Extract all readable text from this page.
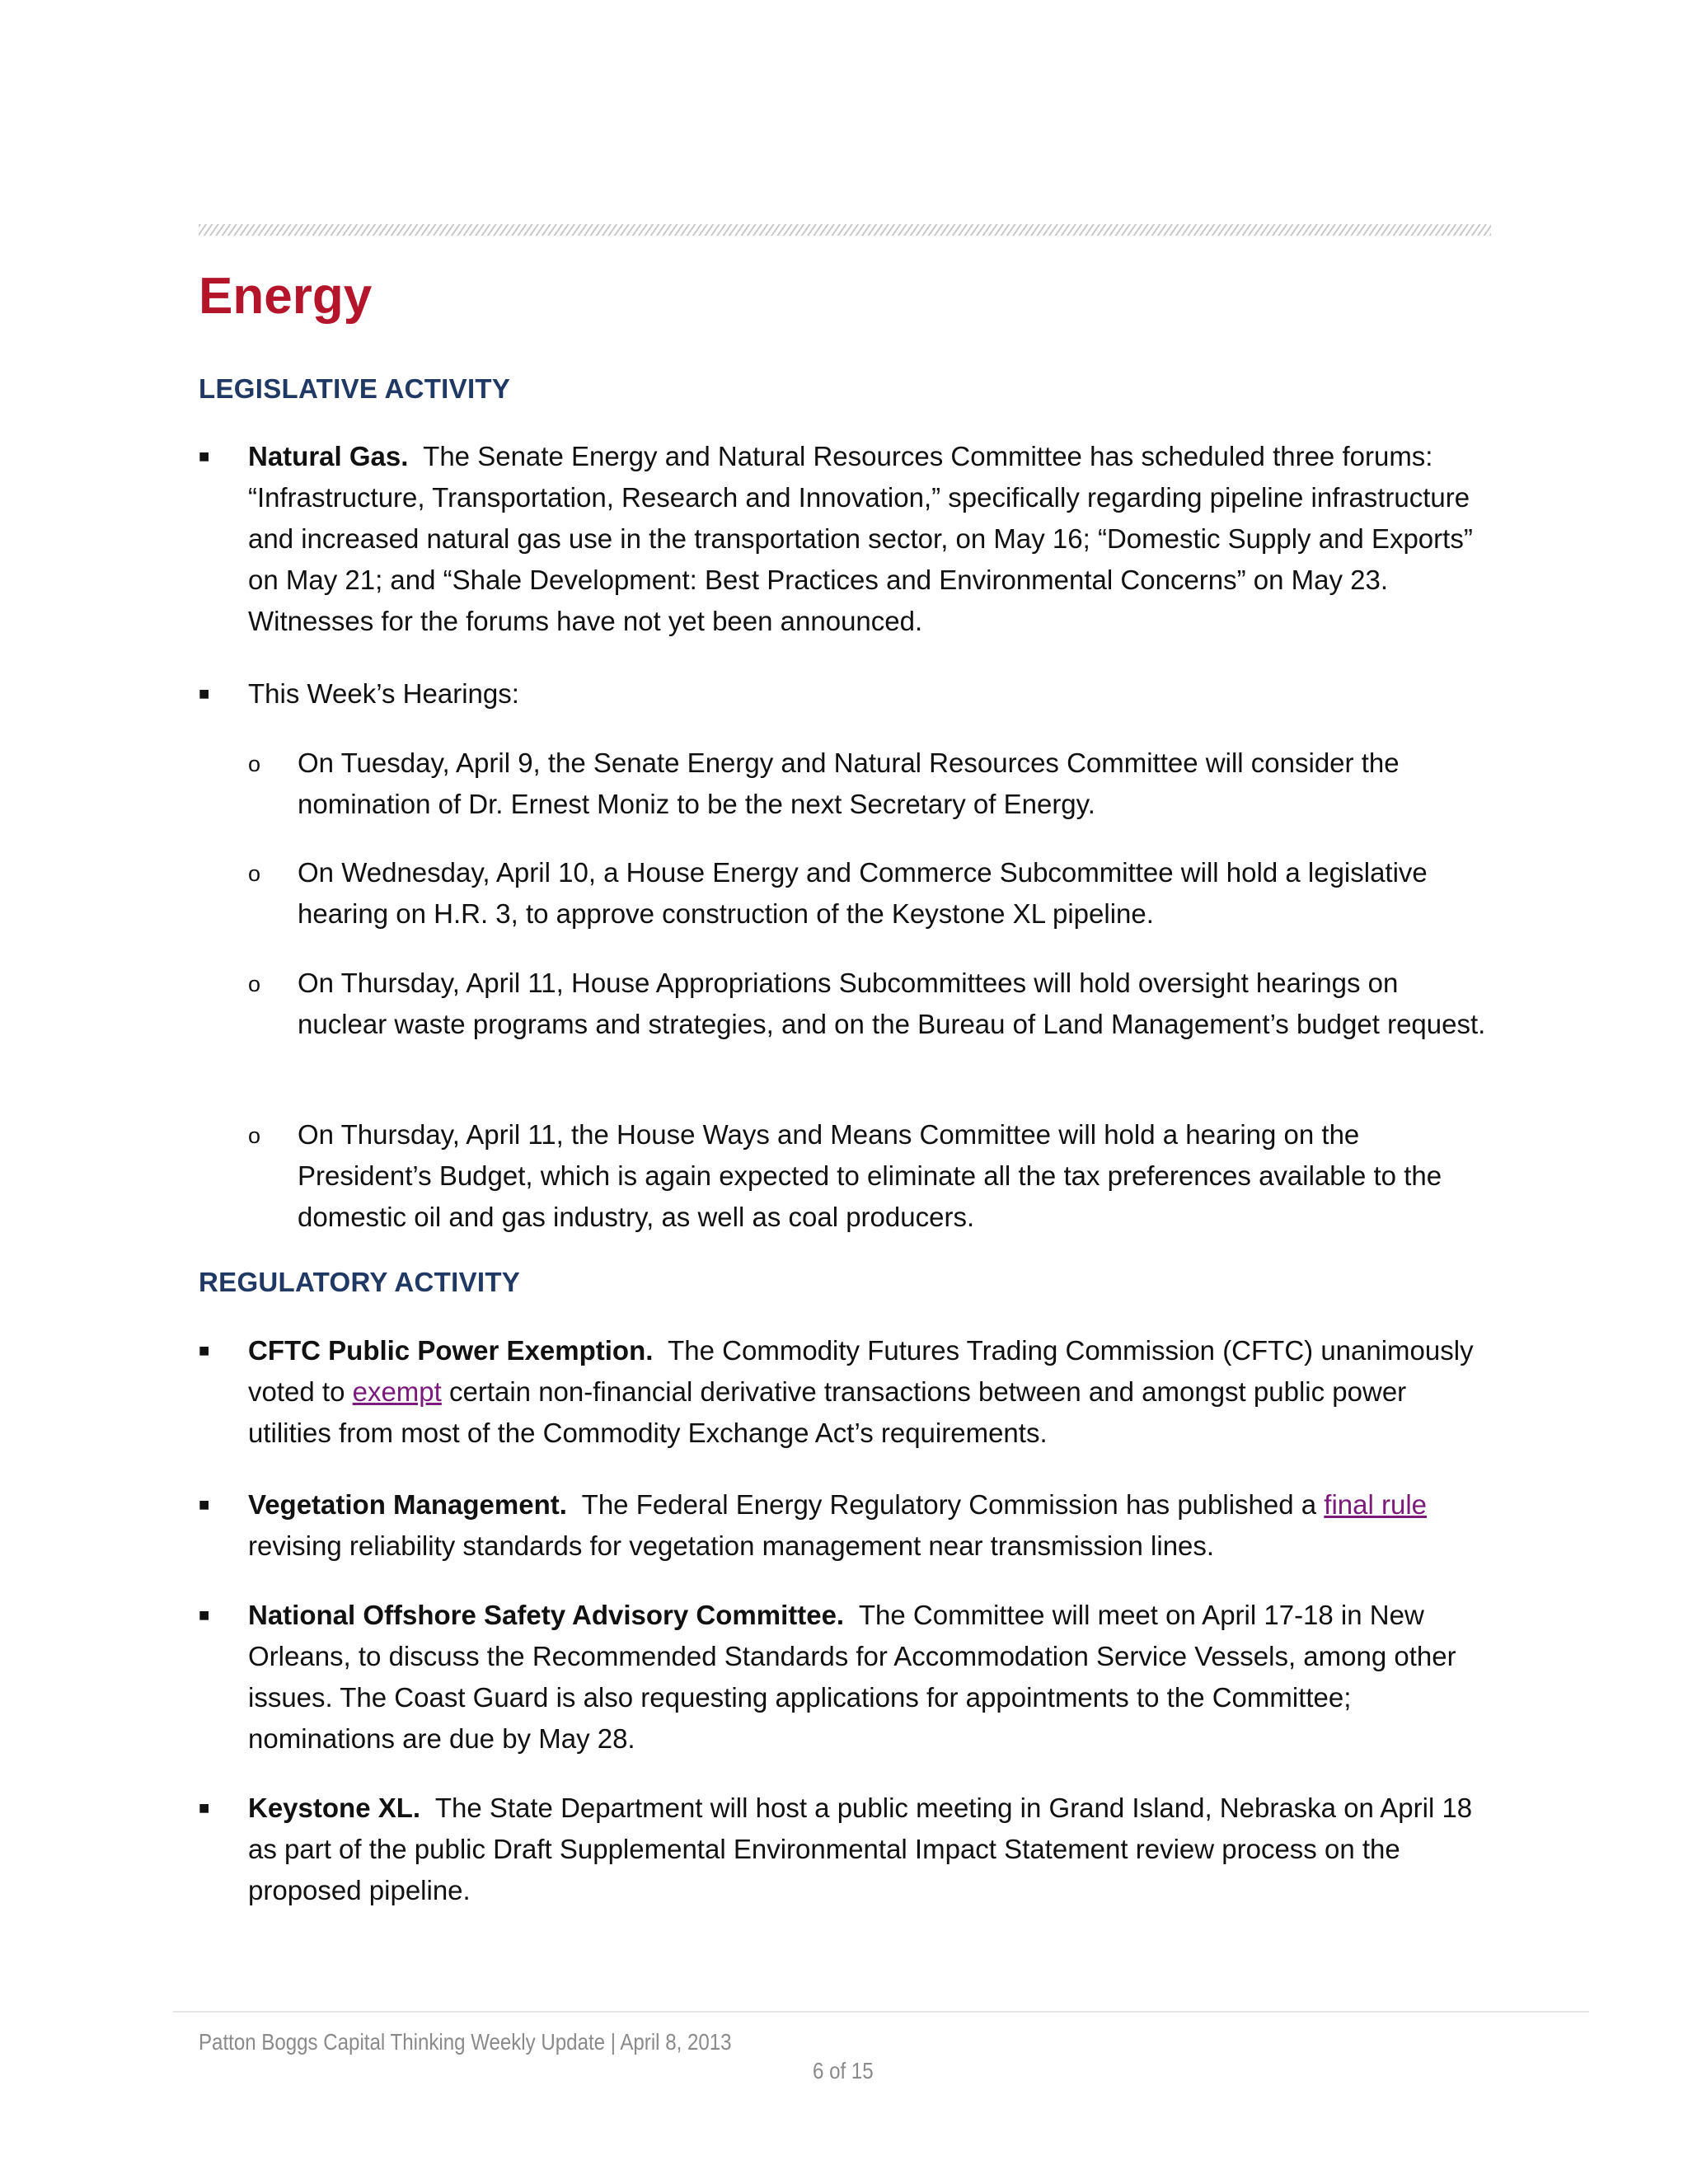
Energy
LEGISLATIVE ACTIVITY
■	Natural Gas. The Senate Energy and Natural Resources Committee has scheduled three forums: “Infrastructure, Transportation, Research and Innovation,” specifically regarding pipeline infrastructure and increased natural gas use in the transportation sector, on May 16; “Domestic Supply and Exports” on May 21; and “Shale Development: Best Practices and Environmental Concerns” on May 23. Witnesses for the forums have not yet been announced.
■	This Week’s Hearings:
o	On Tuesday, April 9, the Senate Energy and Natural Resources Committee will consider the nomination of Dr. Ernest Moniz to be the next Secretary of Energy.
o	On Wednesday, April 10, a House Energy and Commerce Subcommittee will hold a legislative hearing on H.R. 3, to approve construction of the Keystone XL pipeline.
o	On Thursday, April 11, House Appropriations Subcommittees will hold oversight hearings on nuclear waste programs and strategies, and on the Bureau of Land Management’s budget request.
o	On Thursday, April 11, the House Ways and Means Committee will hold a hearing on the President’s Budget, which is again expected to eliminate all the tax preferences available to the domestic oil and gas industry, as well as coal producers.
REGULATORY ACTIVITY
■	CFTC Public Power Exemption. The Commodity Futures Trading Commission (CFTC) unanimously voted to exempt certain non-financial derivative transactions between and amongst public power utilities from most of the Commodity Exchange Act’s requirements.
■	Vegetation Management. The Federal Energy Regulatory Commission has published a final rule revising reliability standards for vegetation management near transmission lines.
■	National Offshore Safety Advisory Committee. The Committee will meet on April 17-18 in New Orleans, to discuss the Recommended Standards for Accommodation Service Vessels, among other issues. The Coast Guard is also requesting applications for appointments to the Committee; nominations are due by May 28.
■	Keystone XL. The State Department will host a public meeting in Grand Island, Nebraska on April 18 as part of the public Draft Supplemental Environmental Impact Statement review process on the proposed pipeline.
Patton Boggs Capital Thinking Weekly Update | April 8, 2013
6 of 15
